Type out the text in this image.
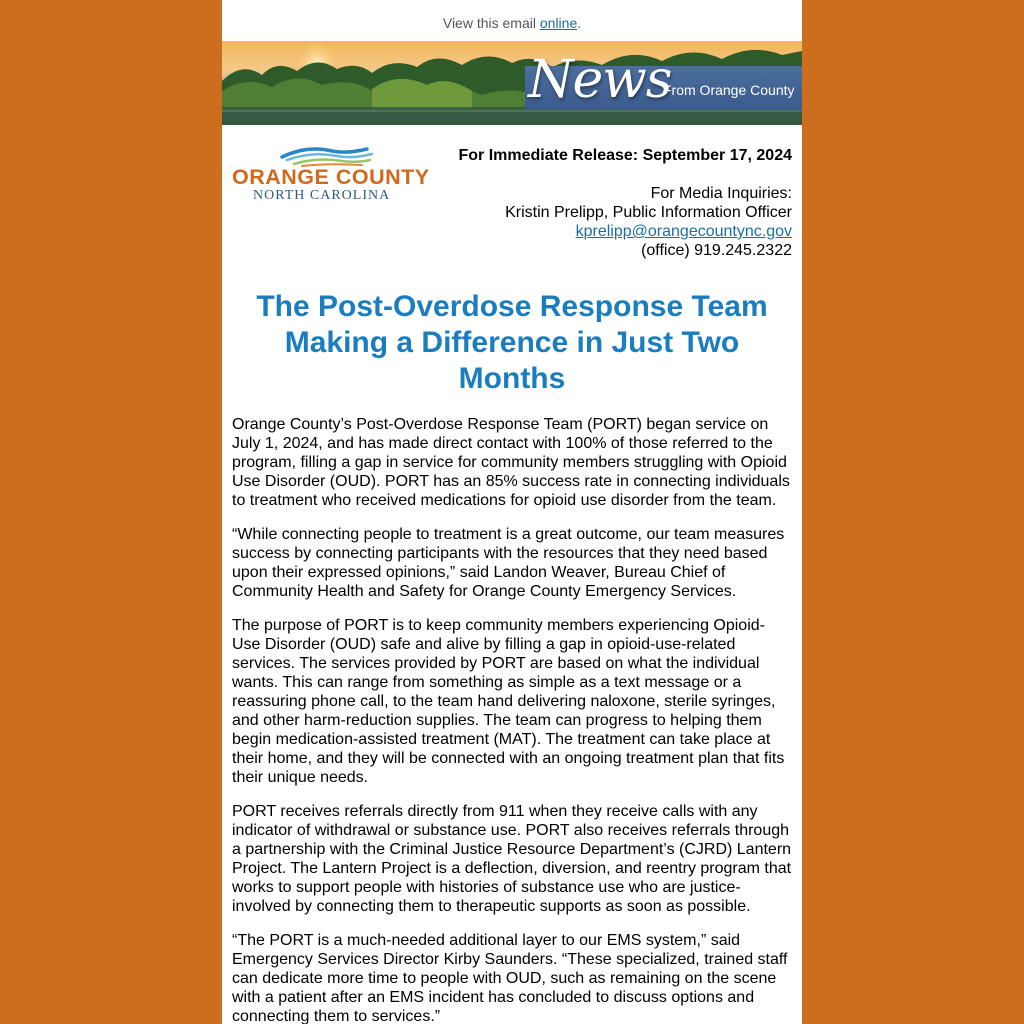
View this email online.
News
From Orange County
ORANGE COUNTY
NORTH CAROLINA
For Immediate Release: September 17, 2024
For Media Inquiries:
Kristin Prelipp, Public Information Officer
kprelipp@orangecountync.gov
(office) 919.245.2322
The Post-Overdose Response Team Making a Difference in Just Two Months

Orange County’s Post-Overdose Response Team (PORT) began service on July 1, 2024, and has made direct contact with 100% of those referred to the program, filling a gap in service for community members struggling with Opioid Use Disorder (OUD). PORT has an 85% success rate in connecting individuals to treatment who received medications for opioid use disorder from the team.

“While connecting people to treatment is a great outcome, our team measures success by connecting participants with the resources that they need based upon their expressed opinions,” said Landon Weaver, Bureau Chief of Community Health and Safety for Orange County Emergency Services.

The purpose of PORT is to keep community members experiencing Opioid-Use Disorder (OUD) safe and alive by filling a gap in opioid-use-related services. The services provided by PORT are based on what the individual wants. This can range from something as simple as a text message or a reassuring phone call, to the team hand delivering naloxone, sterile syringes, and other harm-reduction supplies. The team can progress to helping them begin medication-assisted treatment (MAT). The treatment can take place at their home, and they will be connected with an ongoing treatment plan that fits their unique needs.

PORT receives referrals directly from 911 when they receive calls with any indicator of withdrawal or substance use. PORT also receives referrals through a partnership with the Criminal Justice Resource Department’s (CJRD) Lantern Project. The Lantern Project is a deflection, diversion, and reentry program that works to support people with histories of substance use who are justice-involved by connecting them to therapeutic supports as soon as possible.

“The PORT is a much-needed additional layer to our EMS system,” said Emergency Services Director Kirby Saunders. “These specialized, trained staff can dedicate more time to people with OUD, such as remaining on the scene with a patient after an EMS incident has concluded to discuss options and connecting them to services.”
